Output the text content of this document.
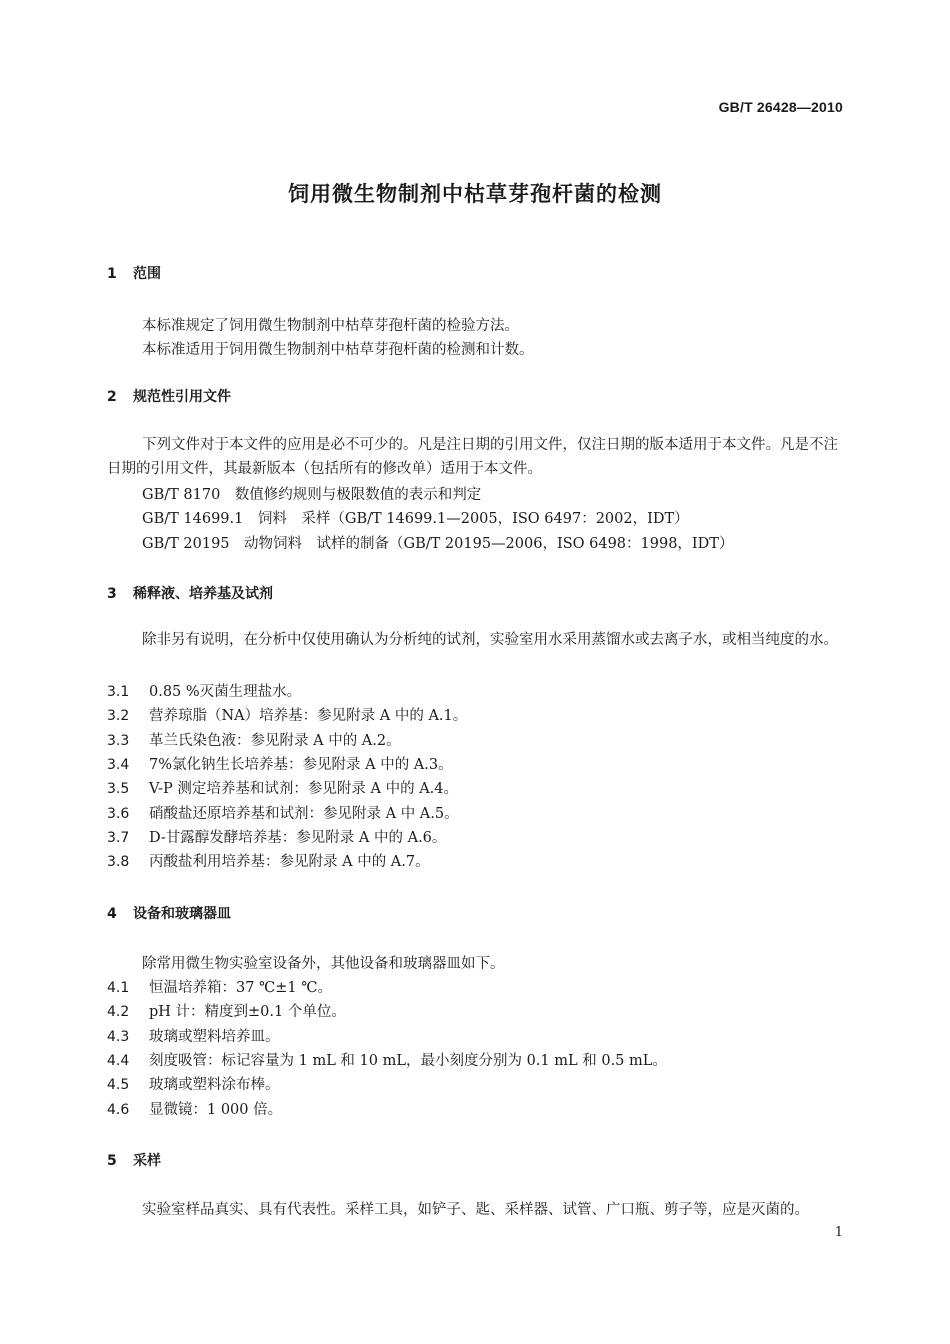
GB/T 26428—2010
饲用微生物制剂中枯草芽孢杆菌的检测
1 范围
本标准规定了饲用微生物制剂中枯草芽孢杆菌的检验方法。
本标准适用于饲用微生物制剂中枯草芽孢杆菌的检测和计数。
2 规范性引用文件
下列文件对于本文件的应用是必不可少的。凡是注日期的引用文件，仅注日期的版本适用于本文件。凡是不注日期的引用文件，其最新版本（包括所有的修改单）适用于本文件。
GB/T 8170　数值修约规则与极限数值的表示和判定
GB/T 14699.1　饲料　采样（GB/T 14699.1—2005，ISO 6497：2002，IDT）
GB/T 20195　动物饲料　试样的制备（GB/T 20195—2006，ISO 6498：1998，IDT）
3 稀释液、培养基及试剂
除非另有说明，在分析中仅使用确认为分析纯的试剂，实验室用水采用蒸馏水或去离子水，或相当纯度的水。
3.1 0.85 %灭菌生理盐水。
3.2 营养琼脂（NA）培养基：参见附录 A 中的 A.1。
3.3 革兰氏染色液：参见附录 A 中的 A.2。
3.4 7%氯化钠生长培养基：参见附录 A 中的 A.3。
3.5 V-P 测定培养基和试剂：参见附录 A 中的 A.4。
3.6 硝酸盐还原培养基和试剂：参见附录 A 中 A.5。
3.7 D-甘露醇发酵培养基：参见附录 A 中的 A.6。
3.8 丙酸盐利用培养基：参见附录 A 中的 A.7。
4 设备和玻璃器皿
除常用微生物实验室设备外，其他设备和玻璃器皿如下。
4.1 恒温培养箱：37 ℃±1 ℃。
4.2 pH 计：精度到±0.1 个单位。
4.3 玻璃或塑料培养皿。
4.4 刻度吸管：标记容量为 1 mL 和 10 mL，最小刻度分别为 0.1 mL 和 0.5 mL。
4.5 玻璃或塑料涂布棒。
4.6 显微镜：1 000 倍。
5 采样
实验室样品真实、具有代表性。采样工具，如铲子、匙、采样器、试管、广口瓶、剪子等，应是灭菌的。
1
